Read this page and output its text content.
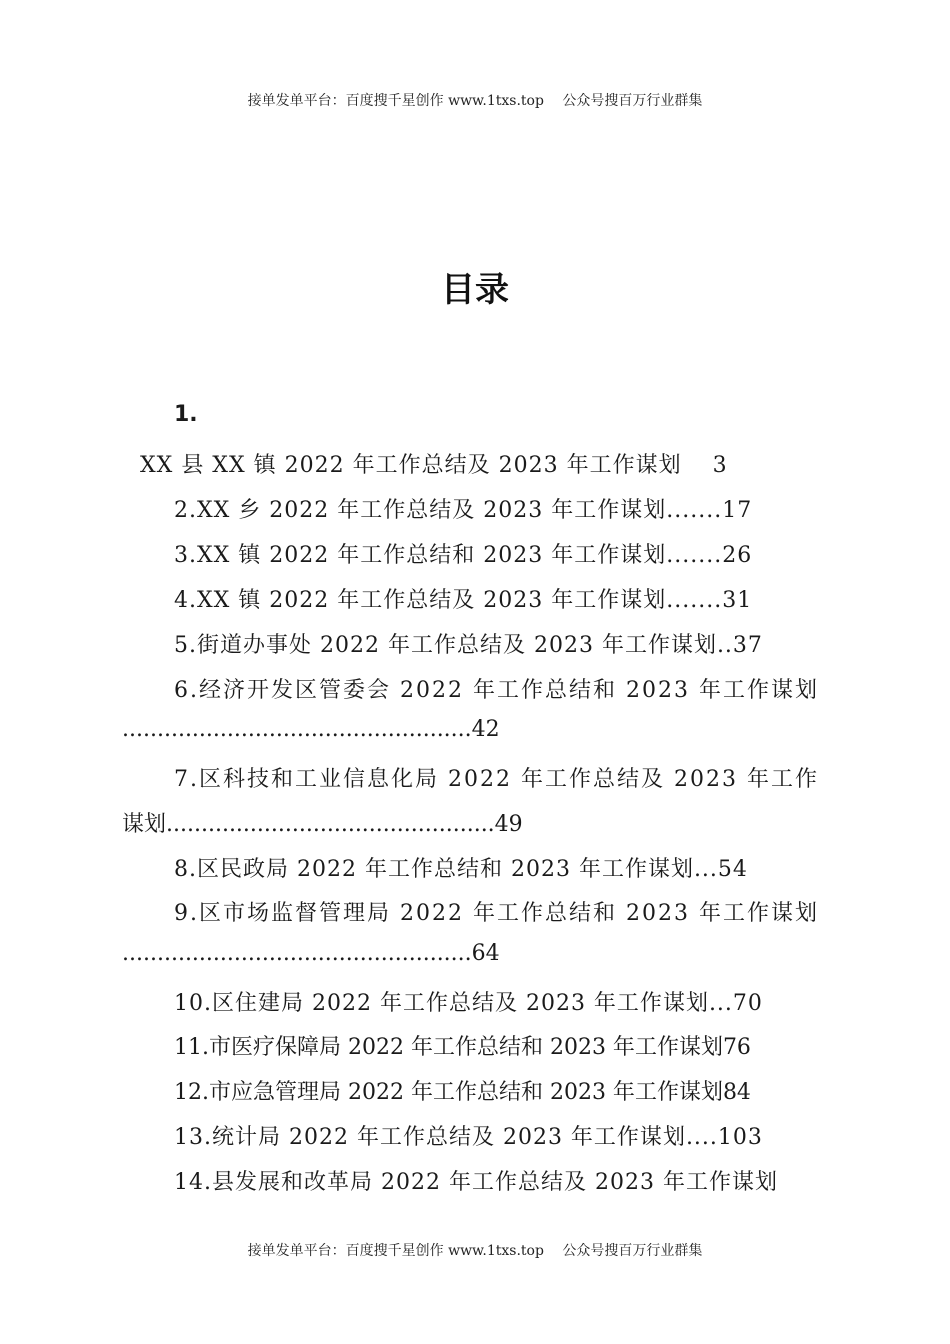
接单发单平台：百度搜千星创作 www.1txs.top　 公众号搜百万行业群集
目录
1.
XX 县 XX 镇 2022 年工作总结及 2023 年工作谋划　 3
2.XX 乡 2022 年工作总结及 2023 年工作谋划.......17
3.XX 镇 2022 年工作总结和 2023 年工作谋划.......26
4.XX 镇 2022 年工作总结及 2023 年工作谋划.......31
5.街道办事处 2022 年工作总结及 2023 年工作谋划..37
6.经济开发区管委会 2022 年工作总结和 2023 年工作谋划
..................................................42
7.区科技和工业信息化局 2022 年工作总结及 2023 年工作
谋划...............................................49
8.区民政局 2022 年工作总结和 2023 年工作谋划...54
9.区市场监督管理局 2022 年工作总结和 2023 年工作谋划
..................................................64
10.区住建局 2022 年工作总结及 2023 年工作谋划...70
11.市医疗保障局 2022 年工作总结和 2023 年工作谋划76
12.市应急管理局 2022 年工作总结和 2023 年工作谋划84
13.统计局 2022 年工作总结及 2023 年工作谋划....103
14.县发展和改革局 2022 年工作总结及 2023 年工作谋划
接单发单平台：百度搜千星创作 www.1txs.top　 公众号搜百万行业群集
